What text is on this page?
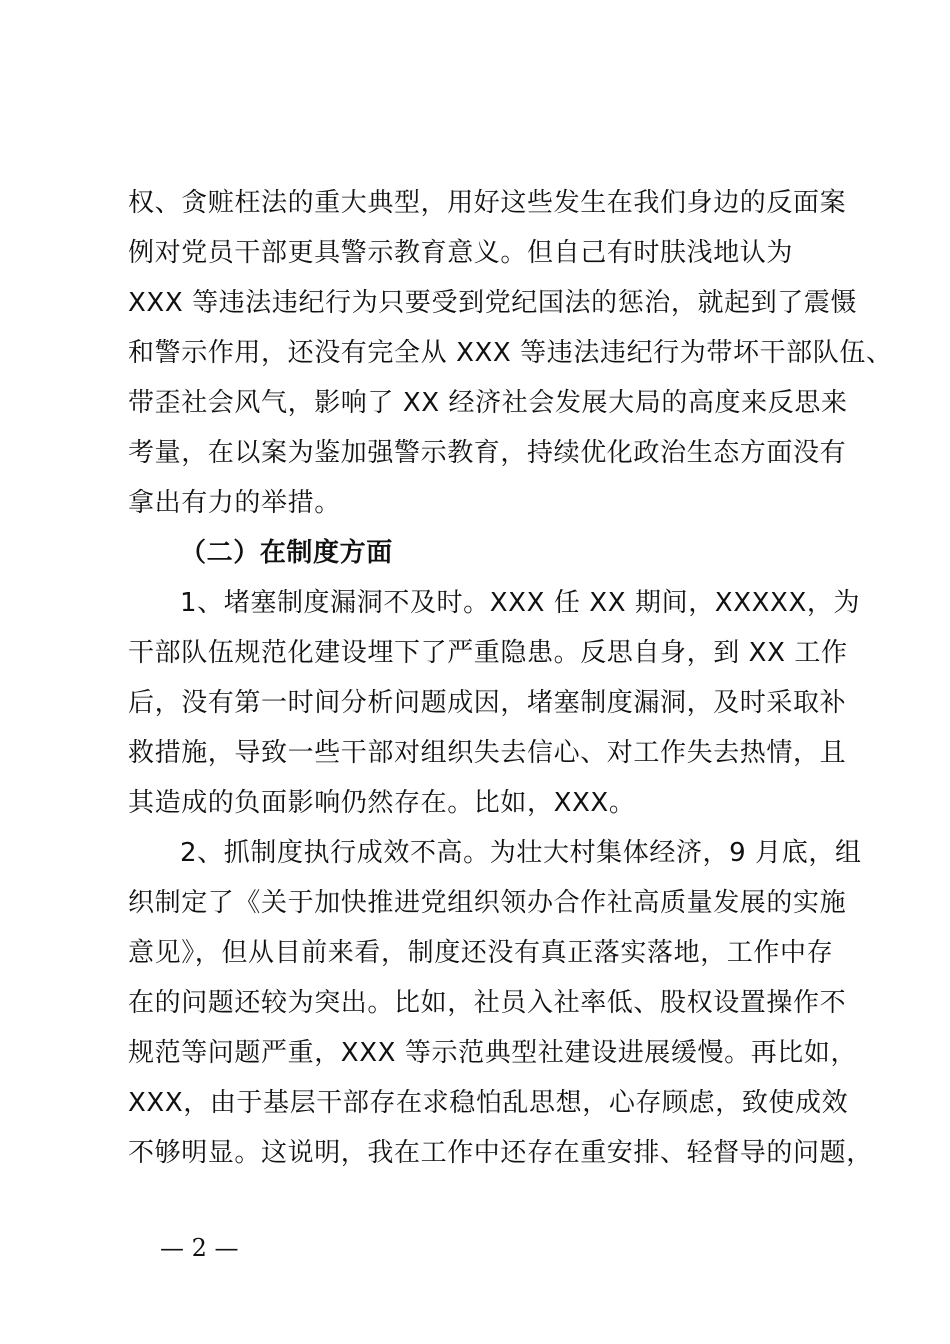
权、贪赃枉法的重大典型，用好这些发生在我们身边的反面案
例对党员干部更具警示教育意义。但自己有时肤浅地认为
XXX 等违法违纪行为只要受到党纪国法的惩治，就起到了震慑
和警示作用，还没有完全从 XXX 等违法违纪行为带坏干部队伍、
带歪社会风气，影响了 XX 经济社会发展大局的高度来反思来
考量，在以案为鉴加强警示教育，持续优化政治生态方面没有
拿出有力的举措。
（二）在制度方面
1、堵塞制度漏洞不及时。XXX 任 XX 期间，XXXXX，为
干部队伍规范化建设埋下了严重隐患。反思自身，到 XX 工作
后，没有第一时间分析问题成因，堵塞制度漏洞，及时采取补
救措施，导致一些干部对组织失去信心、对工作失去热情，且
其造成的负面影响仍然存在。比如，XXX。
2、抓制度执行成效不高。为壮大村集体经济，9 月底，组
织制定了《关于加快推进党组织领办合作社高质量发展的实施
意见》，但从目前来看，制度还没有真正落实落地，工作中存
在的问题还较为突出。比如，社员入社率低、股权设置操作不
规范等问题严重，XXX 等示范典型社建设进展缓慢。再比如，
XXX，由于基层干部存在求稳怕乱思想，心存顾虑，致使成效
不够明显。这说明，我在工作中还存在重安排、轻督导的问题，
— 2 —
